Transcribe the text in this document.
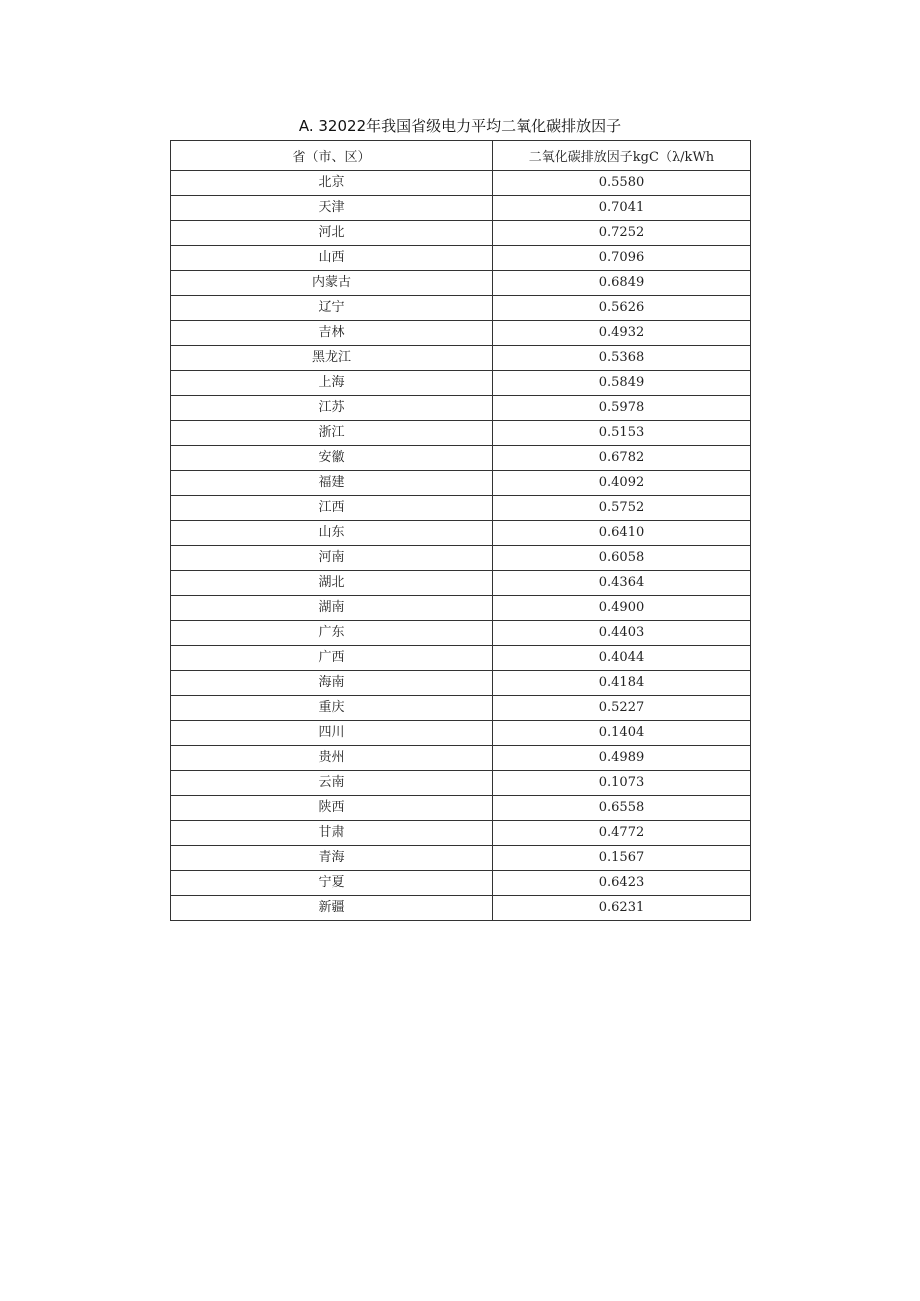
A. 32022年我国省级电力平均二氧化碳排放因子
省（市、区）	二氧化碳排放因子kgC（λ/kWh
北京	0.5580
天津	0.7041
河北	0.7252
山西	0.7096
内蒙古	0.6849
辽宁	0.5626
吉林	0.4932
黑龙江	0.5368
上海	0.5849
江苏	0.5978
浙江	0.5153
安徽	0.6782
福建	0.4092
江西	0.5752
山东	0.6410
河南	0.6058
湖北	0.4364
湖南	0.4900
广东	0.4403
广西	0.4044
海南	0.4184
重庆	0.5227
四川	0.1404
贵州	0.4989
云南	0.1073
陕西	0.6558
甘肃	0.4772
青海	0.1567
宁夏	0.6423
新疆	0.6231
